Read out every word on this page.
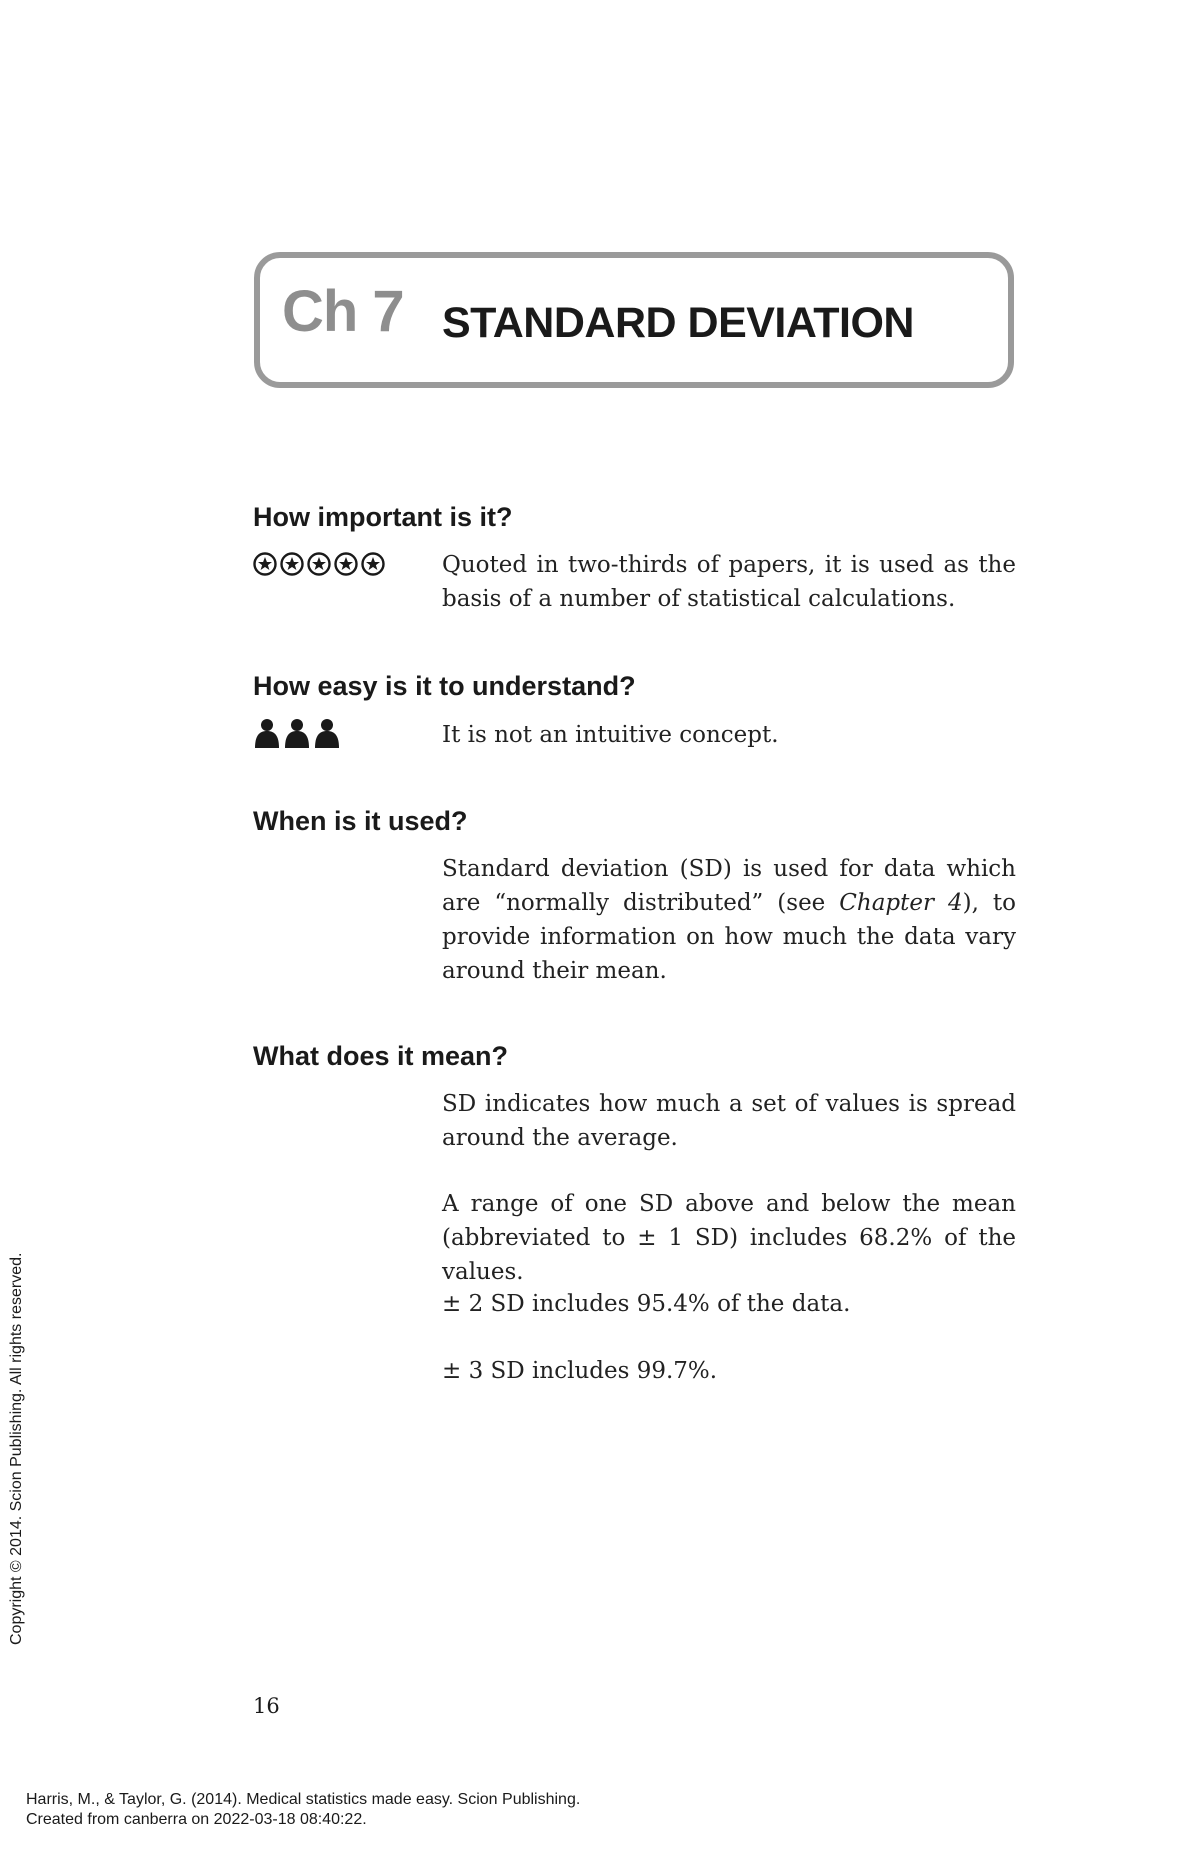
Ch 7 STANDARD DEVIATION
How important is it?

Quoted in two-thirds of papers, it is used as the basis of a number of statistical calculations.

How easy is it to understand?

It is not an intuitive concept.

When is it used?

Standard deviation (SD) is used for data which are “normally distributed” (see Chapter 4), to provide information on how much the data vary around their mean.

What does it mean?

SD indicates how much a set of values is spread around the average.

A range of one SD above and below the mean (abbreviated to ± 1 SD) includes 68.2% of the values.

± 2 SD includes 95.4% of the data.

± 3 SD includes 99.7%.

16
Copyright © 2014. Scion Publishing. All rights reserved.
Harris, M., & Taylor, G. (2014). Medical statistics made easy. Scion Publishing.
Created from canberra on 2022-03-18 08:40:22.
